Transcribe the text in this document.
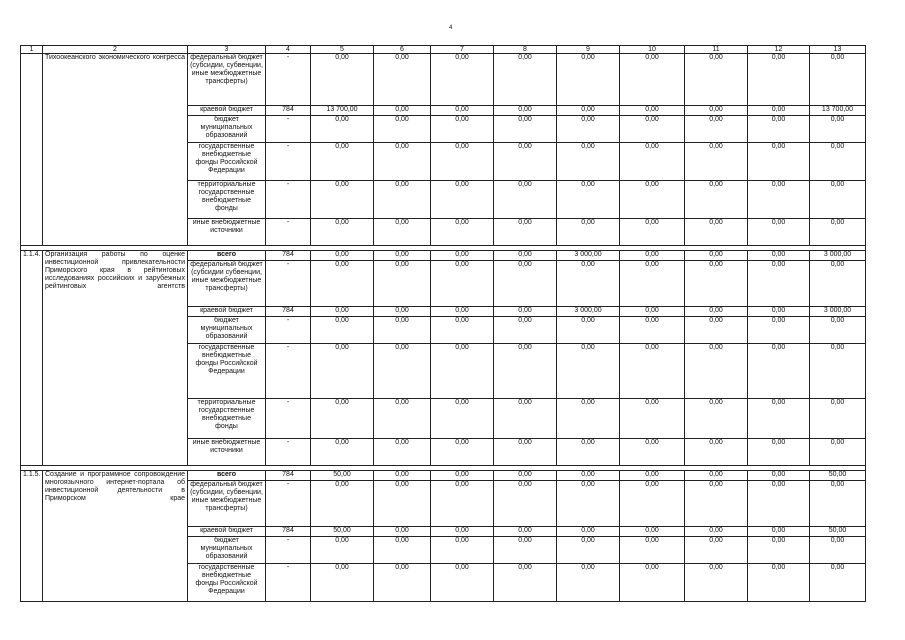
4
1	2	3	4	5	6	7	8	9	10	11	12	13
	Тихоокеанского экономического конгресса	федеральный бюджет (субсидии, субвенции, иные межбюджетные трансферты)	-	0,00	0,00	0,00	0,00	0,00	0,00	0,00	0,00	0,00
		краевой бюджет	784	13 700,00	0,00	0,00	0,00	0,00	0,00	0,00	0,00	13 700,00
		бюджет муниципальных образований	-	0,00	0,00	0,00	0,00	0,00	0,00	0,00	0,00	0,00
		государственные внебюджетные фонды Российской Федерации	-	0,00	0,00	0,00	0,00	0,00	0,00	0,00	0,00	0,00
		территориальные государственные внебюджетные фонды	-	0,00	0,00	0,00	0,00	0,00	0,00	0,00	0,00	0,00
		иные внебюджетные источники	-	0,00	0,00	0,00	0,00	0,00	0,00	0,00	0,00	0,00

1.1.4.	Организация работы по оценке инвестиционной привлекательности Приморского края в рейтинговых исследованиях российских и зарубежных рейтинговых агентств	всего	784	0,00	0,00	0,00	0,00	3 000,00	0,00	0,00	0,00	3 000,00
		федеральный бюджет (субсидии субвенции, иные межбюджетные трансферты)	-	0,00	0,00	0,00	0,00	0,00	0,00	0,00	0,00	0,00
		краевой бюджет	784	0,00	0,00	0,00	0,00	3 000,00	0,00	0,00	0,00	3 000,00
		бюджет муниципальных образований	-	0,00	0,00	0,00	0,00	0,00	0,00	0,00	0,00	0,00
		государственные внебюджетные фонды Российской Федерации	-	0,00	0,00	0,00	0,00	0,00	0,00	0,00	0,00	0,00
		территориальные государственные внебюджетные фонды	-	0,00	0,00	0,00	0,00	0,00	0,00	0,00	0,00	0,00
		иные внебюджетные источники	-	0,00	0,00	0,00	0,00	0,00	0,00	0,00	0,00	0,00

1.1.5.	Создание и программное сопровождение многоязычного интернет-портала об инвестиционной деятельности в Приморском крае	всего	784	50,00	0,00	0,00	0,00	0,00	0,00	0,00	0,00	50,00
		федеральный бюджет (субсидии, субвенции, иные межбюджетные трансферты)	-	0,00	0,00	0,00	0,00	0,00	0,00	0,00	0,00	0,00
		краевой бюджет	784	50,00	0,00	0,00	0,00	0,00	0,00	0,00	0,00	50,00
		бюджет муниципальных образований	-	0,00	0,00	0,00	0,00	0,00	0,00	0,00	0,00	0,00
		государственные внебюджетные фонды Российской Федерации	-	0,00	0,00	0,00	0,00	0,00	0,00	0,00	0,00	0,00
